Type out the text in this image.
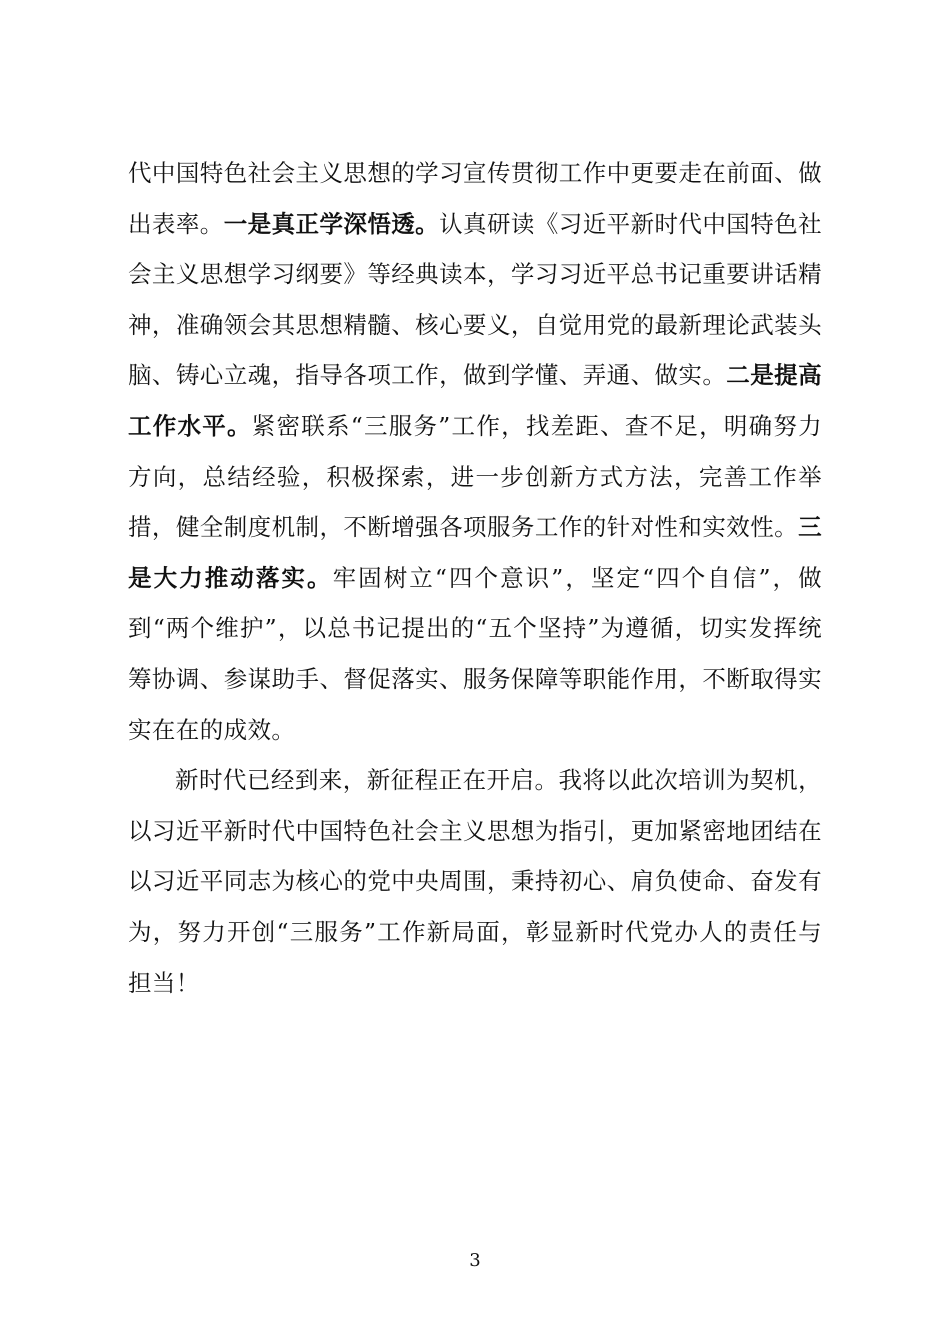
代中国特色社会主义思想的学习宣传贯彻工作中更要走在前面、做出表率。一是真正学深悟透。认真研读《习近平新时代中国特色社会主义思想学习纲要》等经典读本，学习习近平总书记重要讲话精神，准确领会其思想精髓、核心要义，自觉用党的最新理论武装头脑、铸心立魂，指导各项工作，做到学懂、弄通、做实。二是提高工作水平。紧密联系“三服务”工作，找差距、查不足，明确努力方向，总结经验，积极探索，进一步创新方式方法，完善工作举措，健全制度机制，不断增强各项服务工作的针对性和实效性。三是大力推动落实。牢固树立“四个意识”，坚定“四个自信”，做到“两个维护”，以总书记提出的“五个坚持”为遵循，切实发挥统筹协调、参谋助手、督促落实、服务保障等职能作用，不断取得实实在在的成效。

新时代已经到来，新征程正在开启。我将以此次培训为契机，以习近平新时代中国特色社会主义思想为指引，更加紧密地团结在以习近平同志为核心的党中央周围，秉持初心、肩负使命、奋发有为，努力开创“三服务”工作新局面，彰显新时代党办人的责任与担当！

3
